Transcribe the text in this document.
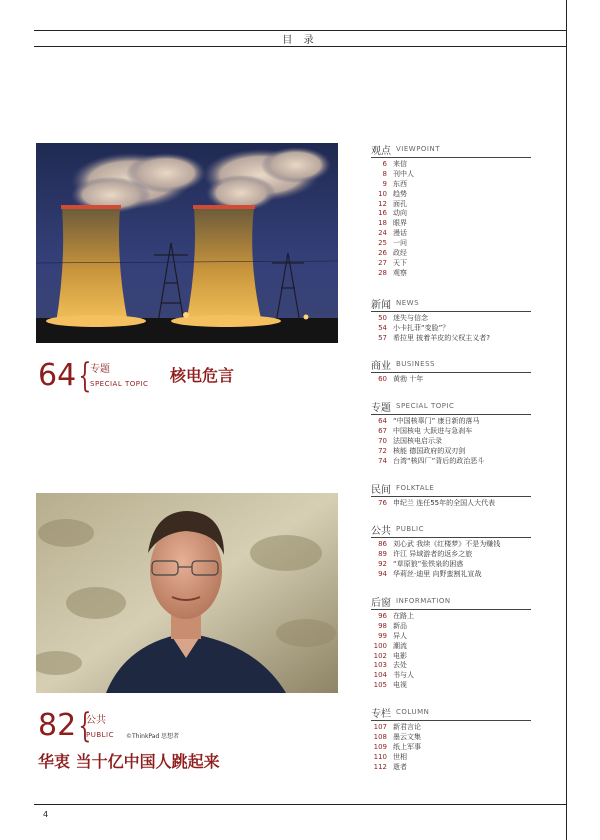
目 录
64 {
专题
SPECIAL TOPIC 核电危言
82 {
公共
PUBLIC ©ThinkPad 思想者
华衷 当十亿中国人跳起来
观点 VIEWPOINT
6 来信
8 刊中人
9 东西
10 趋势
12 面孔
16 动向
18 眼界
24 漫话
25 一问
26 政经
27 天下
28 观察
新闻 NEWS
50 迷失与信念
54 小卡扎菲“变脸”？
57 希拉里 披着羊皮的父权主义者?
商业 BUSINESS
60 黄勃 十年
专题 SPECIAL TOPIC
64 “中国核辜门” 康日新的落马
67 中国核电 大跃进与急刹车
70 法国核电启示录
72 核能 德国政府的双刃剑
74 台湾“核四厂”背后的政治恶斗
民间 FOLKTALE
76 申纪兰 连任55年的全国人大代表
公共 PUBLIC
86 刘心武 我续《红楼梦》不是为赚钱
89 许江 异域游者的返乡之旅
92 “草原狼”张铁泉的困惑
94 华莉丝·迪里 向野蛮割礼宣战
后窗 INFORMATION
96 在路上
98 新品
99 异人
100 潮流
102 电影
103 去处
104 书与人
105 电视
专栏 COLUMN
107 新君言论
108 墨云文集
109 纸上军事
110 世相
112 逝者
4
